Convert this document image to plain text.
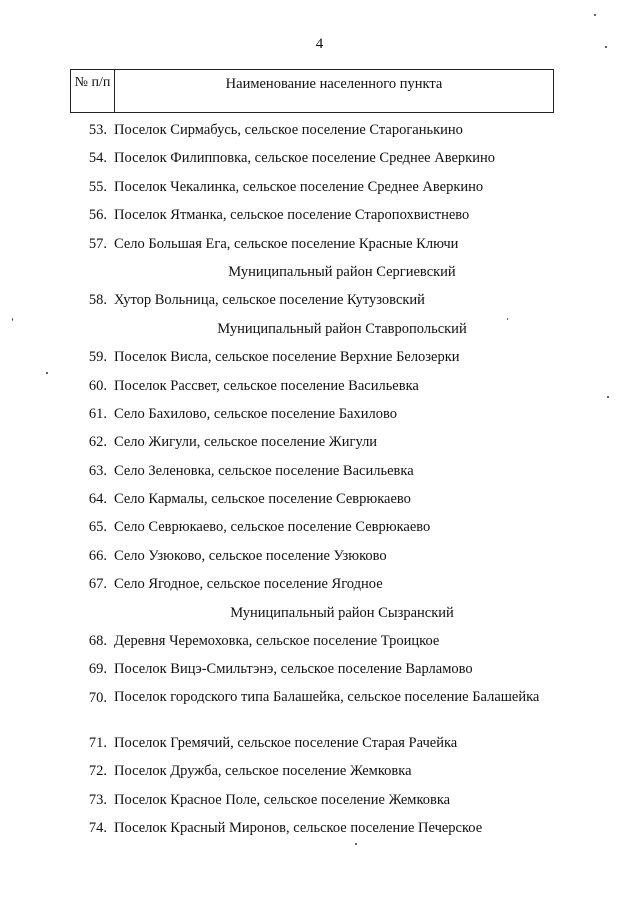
4
№ п/п	Наименование населенного пункта
53. Поселок Сирмабусь, сельское поселение Староганькино
54. Поселок Филипповка, сельское поселение Среднее Аверкино
55. Поселок Чекалинка, сельское поселение Среднее Аверкино
56. Поселок Ятманка, сельское поселение Старопохвистнево
57. Село Большая Ега, сельское поселение Красные Ключи
Муниципальный район Сергиевский
58. Хутор Вольница, сельское поселение Кутузовский
Муниципальный район Ставропольский
59. Поселок Висла, сельское поселение Верхние Белозерки
60. Поселок Рассвет, сельское поселение Васильевка
61. Село Бахилово, сельское поселение Бахилово
62. Село Жигули, сельское поселение Жигули
63. Село Зеленовка, сельское поселение Васильевка
64. Село Кармалы, сельское поселение Севрюкаево
65. Село Севрюкаево, сельское поселение Севрюкаево
66. Село Узюково, сельское поселение Узюково
67. Село Ягодное, сельское поселение Ягодное
Муниципальный район Сызранский
68. Деревня Черемоховка, сельское поселение Троицкое
69. Поселок Вицэ-Смильтэнэ, сельское поселение Варламово
70. Поселок городского типа Балашейка, сельское поселение Балашейка
71. Поселок Гремячий, сельское поселение Старая Рачейка
72. Поселок Дружба, сельское поселение Жемковка
73. Поселок Красное Поле, сельское поселение Жемковка
74. Поселок Красный Миронов, сельское поселение Печерское
